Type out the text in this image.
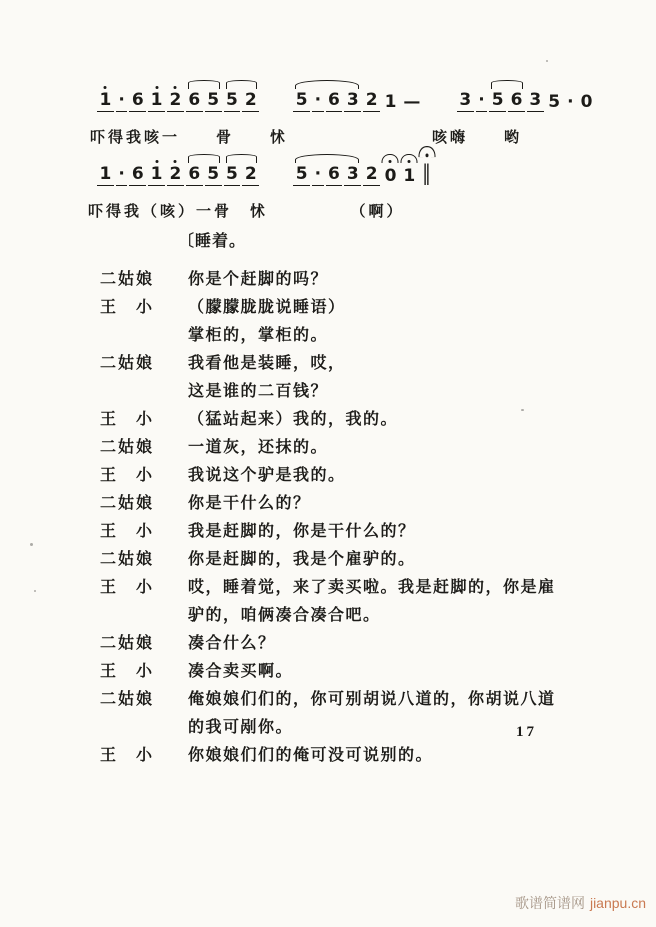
1 · 6 1 2 6 5 5 2 5 · 6 3 2 1 — 3 · 5 6 3 5 · 0
吓得我咳一　　骨　　怵　　　　　　　　咳嗨　　哟
1 · 6 1 2 6 5 5 2 5 · 6 3 2 0 1 ‖
吓得我（咳）一骨　怵　　　　　（啊）
〔睡着。
二姑娘	你是个赶脚的吗？
王　小	（朦朦胧胧说睡语）
掌柜的，掌柜的。
二姑娘	我看他是装睡，哎，
这是谁的二百钱？
王　小	（猛站起来）我的，我的。
二姑娘	一道灰，还抹的。
王　小	我说这个驴是我的。
二姑娘	你是干什么的？
王　小	我是赶脚的，你是干什么的？
二姑娘	你是赶脚的，我是个雇驴的。
王　小	哎，睡着觉，来了卖买啦。我是赶脚的，你是雇
驴的，咱俩凑合凑合吧。
二姑娘	凑合什么？
王　小	凑合卖买啊。
二姑娘	俺娘娘们们的，你可别胡说八道的，你胡说八道
的我可剐你。
王　小	你娘娘们们的俺可没可说别的。
17
歌谱简谱网 jianpu.cn
